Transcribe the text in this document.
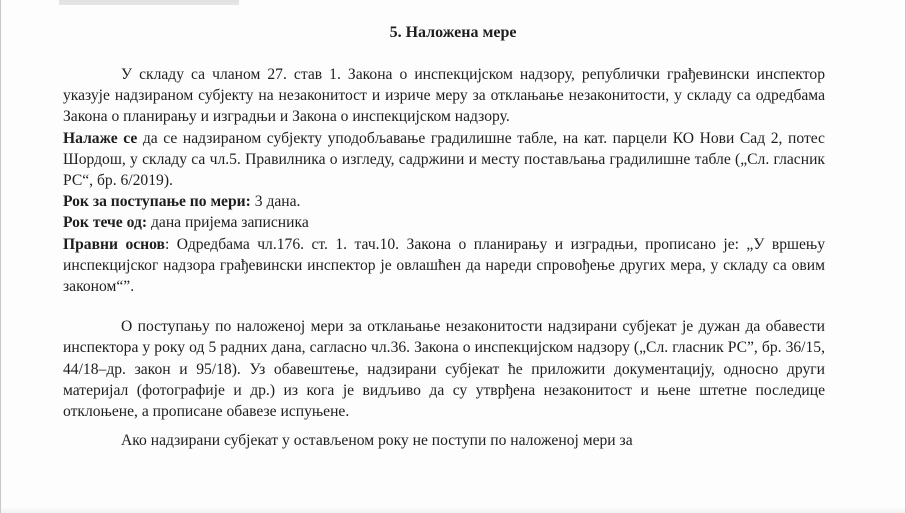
5. Наложена мере

У складу са чланом 27. став 1. Закона о инспекцијском надзору, републички грађевински инспектор указује надзираном субјекту на незаконитост и изриче меру за отклањање незаконитости, у складу са одредбама Закона о планирању и изградњи и Закона о инспекцијском надзору.

Налаже се да се надзираном субјекту уподобљавање градилишне табле, на кат. парцели КО Нови Сад 2, потес Шордош, у складу са чл.5. Правилника о изгледу, садржини и месту постављања градилишне табле („Сл. гласник РС“, бр. 6/2019).

Рок за поступање по мери: 3 дана.

Рок тече од: дана пријема записника

Правни основ: Одредбама чл.176. ст. 1. тач.10. Закона о планирању и изградњи, прописано је: „У вршењу инспекцијског надзора грађевински инспектор је овлашћен да нареди спровођење других мера, у складу са овим законом“”.

О поступању по наложеној мери за отклањање незаконитости надзирани субјекат је дужан да обавести инспектора у року од 5 радних дана, сагласно чл.36. Закона о инспекцијском надзору („Сл. гласник РС”, бр. 36/15, 44/18–др. закон и 95/18). Уз обавештење, надзирани субјекат ће приложити документацију, односно други материјал (фотографије и др.) из кога је видљиво да су утврђена незаконитост и њене штетне последице отклоњене, а прописане обавезе испуњене.

Ако надзирани субјекат у остављеном року не поступи по наложеној мери за
